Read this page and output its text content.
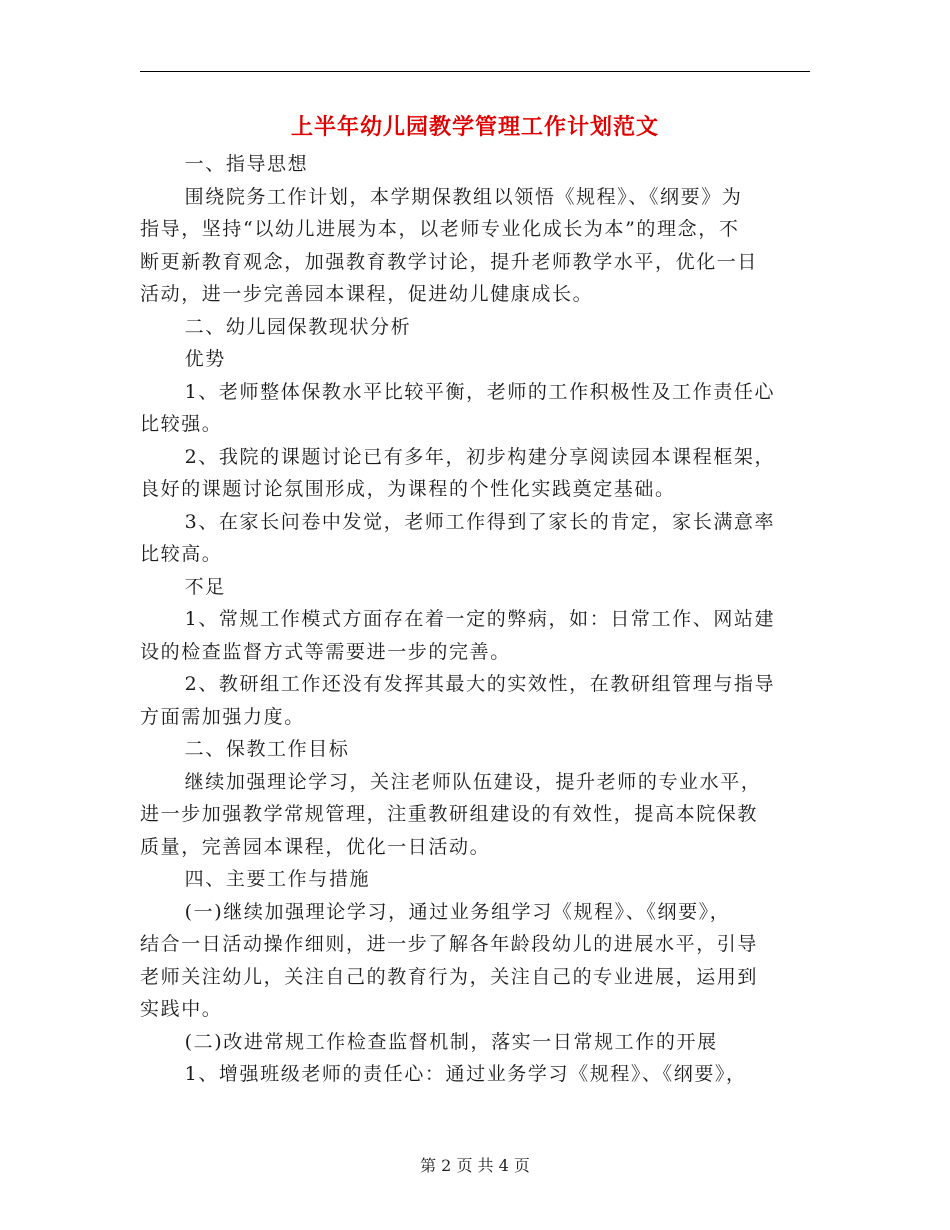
上半年幼儿园教学管理工作计划范文

一、指导思想

围绕院务工作计划，本学期保教组以领悟《规程》、《纲要》为

指导，坚持“以幼儿进展为本，以老师专业化成长为本”的理念，不

断更新教育观念，加强教育教学讨论，提升老师教学水平，优化一日

活动，进一步完善园本课程，促进幼儿健康成长。

二、幼儿园保教现状分析

优势

1、老师整体保教水平比较平衡，老师的工作积极性及工作责任心

比较强。

2、我院的课题讨论已有多年，初步构建分享阅读园本课程框架，

良好的课题讨论氛围形成，为课程的个性化实践奠定基础。

3、在家长问卷中发觉，老师工作得到了家长的肯定，家长满意率

比较高。

不足

1、常规工作模式方面存在着一定的弊病，如：日常工作、网站建

设的检查监督方式等需要进一步的完善。

2、教研组工作还没有发挥其最大的实效性，在教研组管理与指导

方面需加强力度。

二、保教工作目标

继续加强理论学习，关注老师队伍建设，提升老师的专业水平，

进一步加强教学常规管理，注重教研组建设的有效性，提高本院保教

质量，完善园本课程，优化一日活动。

四、主要工作与措施

(一)继续加强理论学习，通过业务组学习《规程》、《纲要》，

结合一日活动操作细则，进一步了解各年龄段幼儿的进展水平，引导

老师关注幼儿，关注自己的教育行为，关注自己的专业进展，运用到

实践中。

(二)改进常规工作检查监督机制，落实一日常规工作的开展

1、增强班级老师的责任心：通过业务学习《规程》、《纲要》，

第 2 页 共 4 页
